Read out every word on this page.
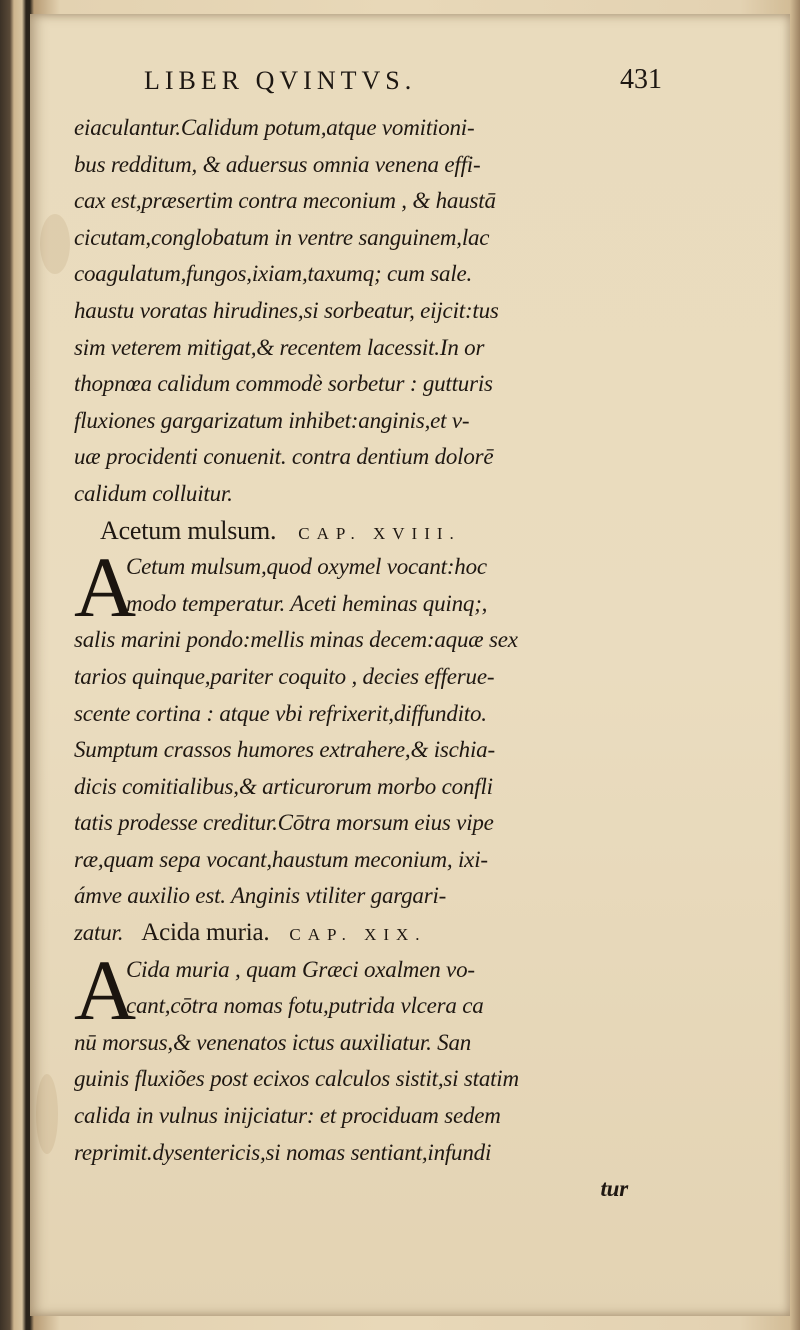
LIBER QVINTVS.	431
eiaculantur.Calidum potum,atque vomitioni-
bus redditum, & aduersus omnia venena effi-
cax est,præsertim contra meconium , & haustā
cicutam,conglobatum in ventre sanguinem,lac
coagulatum,fungos,ixiam,taxumq; cum sale.
haustu voratas hirudines,si sorbeatur, eijcit:tus
sim veterem mitigat,& recentem lacessit.In or
thopnœa calidum commodè sorbetur : gutturis
fluxiones gargarizatum inhibet:anginis,et v-
uæ procidenti conuenit. contra dentium dolorē
calidum colluitur.
Acetum mulsum. CAP. XVIII.
A
Cetum mulsum,quod oxymel vocant:hoc
modo temperatur. Aceti heminas quinq;,
salis marini pondo:mellis minas decem:aquæ sex
tarios quinque,pariter coquito , decies efferue-
scente cortina : atque vbi refrixerit,diffundito.
Sumptum crassos humores extrahere,& ischia-
dicis comitialibus,& articurorum morbo confli
tatis prodesse creditur.Cōtra morsum eius vipe
ræ,quam sepa vocant,haustum meconium, ixi-
ámve auxilio est. Anginis vtiliter gargari-
zatur. Acida muria. CAP. XIX.
A
Cida muria , quam Græci oxalmen vo-
cant,cōtra nomas fotu,putrida vlcera ca
nū morsus,& venenatos ictus auxiliatur. San
guinis fluxiões post ecixos calculos sistit,si statim
calida in vulnus inijciatur: et prociduam sedem
reprimit.dysentericis,si nomas sentiant,infundi
tur
